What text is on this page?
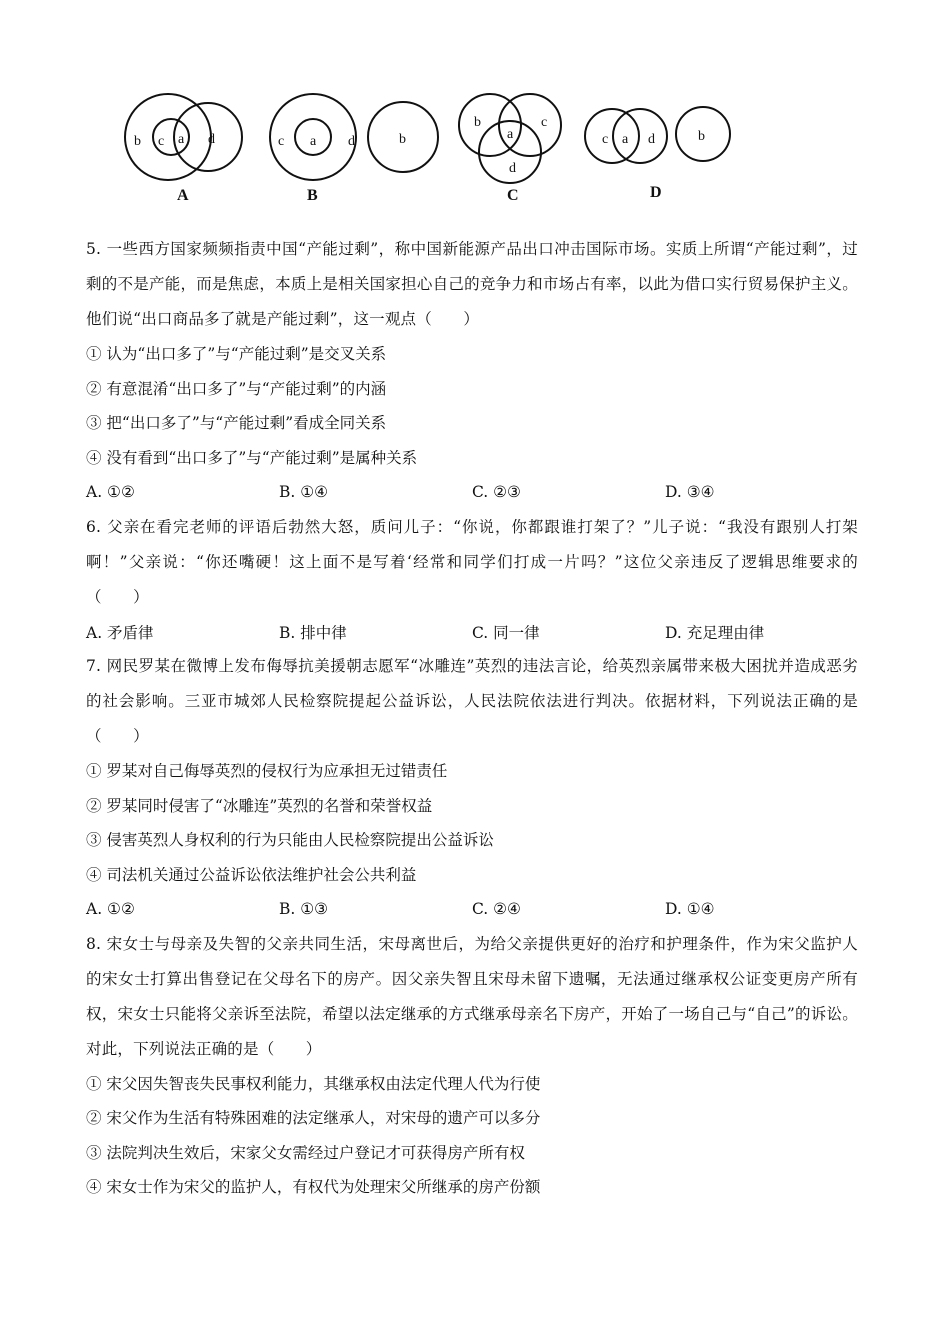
b c a d
A
c a d	b
B
b
a
c
d
C
c a d	b
D

5. 一些西方国家频频指责中国“产能过剩”，称中国新能源产品出口冲击国际市场。实质上所谓“产能过剩”，过剩的不是产能，而是焦虑，本质上是相关国家担心自己的竞争力和市场占有率，以此为借口实行贸易保护主义。他们说“出口商品多了就是产能过剩”，这一观点（　　）

① 认为“出口多了”与“产能过剩”是交叉关系

② 有意混淆“出口多了”与“产能过剩”的内涵

③ 把“出口多了”与“产能过剩”看成全同关系

④ 没有看到“出口多了”与“产能过剩”是属种关系

A. ①②	B. ①④	C. ②③	D. ③④

6. 父亲在看完老师的评语后勃然大怒，质问儿子：“你说，你都跟谁打架了？”儿子说：“我没有跟别人打架啊！”父亲说：“你还嘴硬！这上面不是写着‘经常和同学们打成一片吗？”这位父亲违反了逻辑思维要求的（　　）

A. 矛盾律	B. 排中律	C. 同一律	D. 充足理由律

7. 网民罗某在微博上发布侮辱抗美援朝志愿军“冰雕连”英烈的违法言论，给英烈亲属带来极大困扰并造成恶劣的社会影响。三亚市城郊人民检察院提起公益诉讼，人民法院依法进行判决。依据材料，下列说法正确的是（　　）

① 罗某对自己侮辱英烈的侵权行为应承担无过错责任

② 罗某同时侵害了“冰雕连”英烈的名誉和荣誉权益

③ 侵害英烈人身权利的行为只能由人民检察院提出公益诉讼

④ 司法机关通过公益诉讼依法维护社会公共利益

A. ①②	B. ①③	C. ②④	D. ①④

8. 宋女士与母亲及失智的父亲共同生活，宋母离世后，为给父亲提供更好的治疗和护理条件，作为宋父监护人的宋女士打算出售登记在父母名下的房产。因父亲失智且宋母未留下遗嘱，无法通过继承权公证变更房产所有权，宋女士只能将父亲诉至法院，希望以法定继承的方式继承母亲名下房产，开始了一场自己与“自己”的诉讼。对此，下列说法正确的是（　　）

① 宋父因失智丧失民事权利能力，其继承权由法定代理人代为行使

② 宋父作为生活有特殊困难的法定继承人，对宋母的遗产可以多分

③ 法院判决生效后，宋家父女需经过户登记才可获得房产所有权

④ 宋女士作为宋父的监护人，有权代为处理宋父所继承的房产份额
